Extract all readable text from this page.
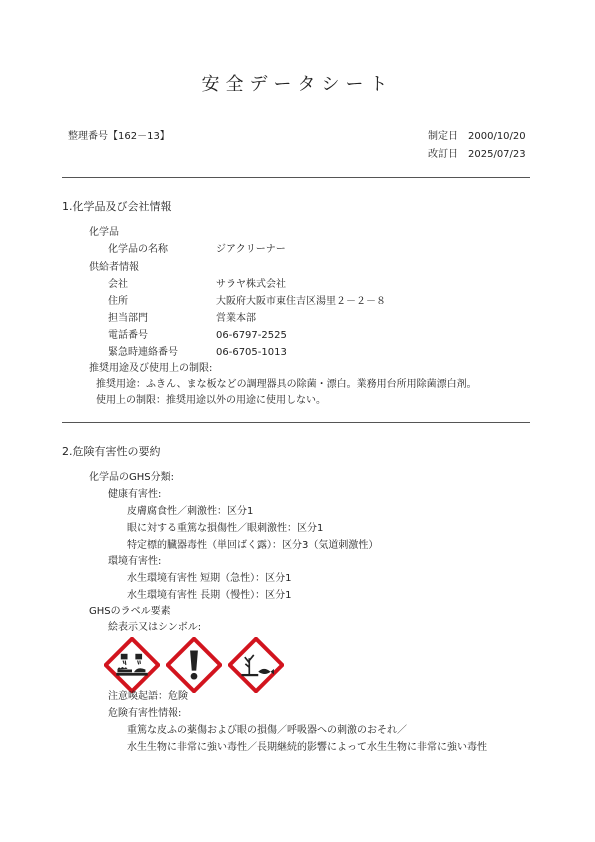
安全データシート
整理番号【162－13】	制定日 2000/10/20
改訂日 2025/07/23
1.化学品及び会社情報
化学品
化学品の名称	ジアクリーナー
供給者情報
会社	サラヤ株式会社
住所	大阪府大阪市東住吉区湯里２－２－８
担当部門	営業本部
電話番号	06-6797-2525
緊急時連絡番号	06-6705-1013
推奨用途及び使用上の制限:
推奨用途：ふきん、まな板などの調理器具の除菌・漂白。業務用台所用除菌漂白剤。
使用上の制限：推奨用途以外の用途に使用しない。
2.危険有害性の要約
化学品のGHS分類:
健康有害性:
皮膚腐食性／刺激性：区分1
眼に対する重篤な損傷性／眼刺激性：区分1
特定標的臓器毒性（単回ばく露）：区分3（気道刺激性）
環境有害性:
水生環境有害性 短期（急性）：区分1
水生環境有害性 長期（慢性）：区分1
GHSのラベル要素
絵表示又はシンボル:
注意喚起語：危険
危険有害性情報:
重篤な皮ふの薬傷および眼の損傷／呼吸器への刺激のおそれ／
水生生物に非常に強い毒性／長期継続的影響によって水生生物に非常に強い毒性
